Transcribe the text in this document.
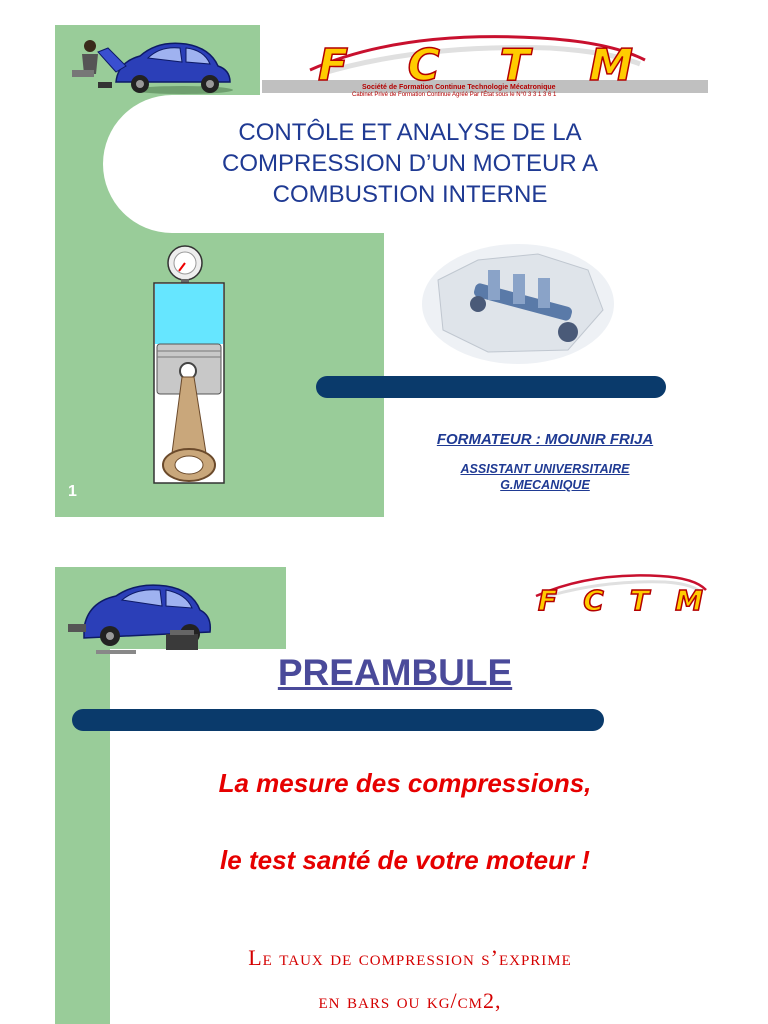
FCTM
Société de Formation Continue Technologie Mécatronique
Cabinet Privé de Formation Continue Agréé Par l'État sous le N°0 3 3 1 3 6 1
CONTÔLE ET ANALYSE DE LA
COMPRESSION D’UN MOTEUR A
COMBUSTION INTERNE
FORMATEUR : MOUNIR FRIJA
ASSISTANT UNIVERSITAIRE
G.MECANIQUE
1
FCTM
PREAMBULE
La mesure des compressions,
le test santé de votre moteur !
Le taux de compression s’exprime
en bars ou kg/cm2,
